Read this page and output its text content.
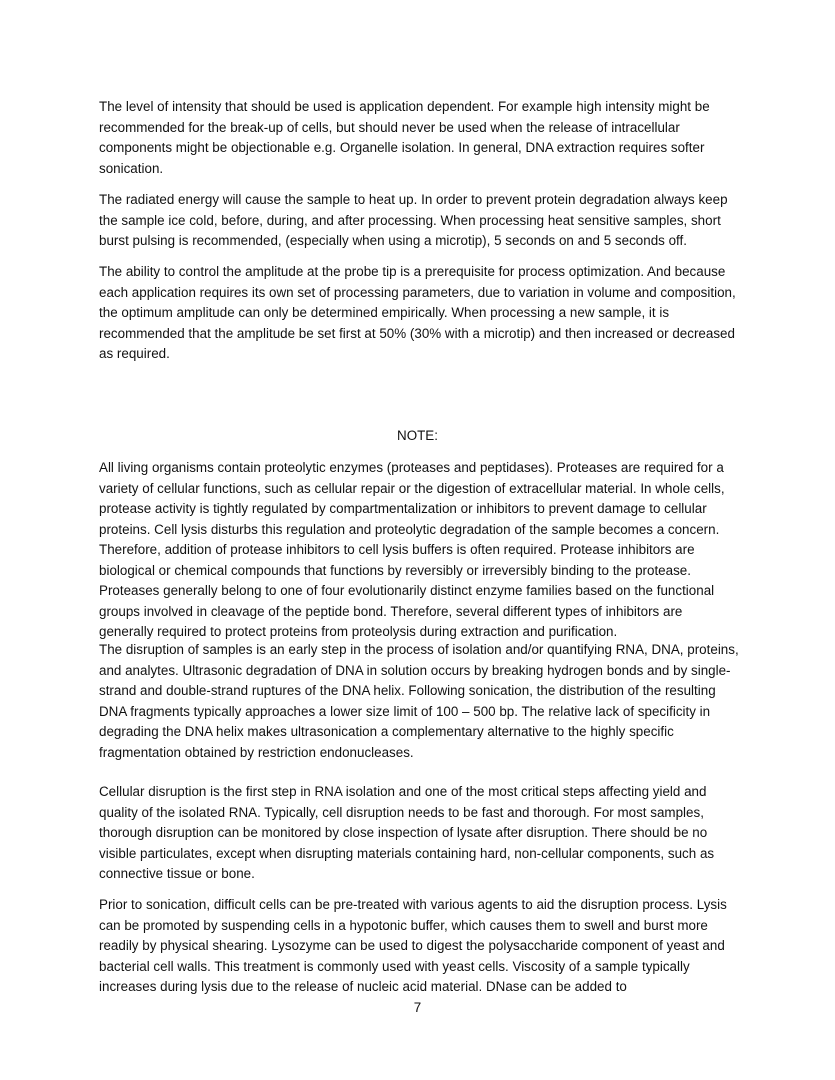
The level of intensity that should be used is application dependent. For example high intensity might be recommended for the break-up of cells, but should never be used when the release of intracellular components might be objectionable e.g. Organelle isolation. In general, DNA extraction requires softer sonication.

The radiated energy will cause the sample to heat up. In order to prevent protein degradation always keep the sample ice cold, before, during, and after processing. When processing heat sensitive samples, short burst pulsing is recommended, (especially when using a microtip), 5 seconds on and 5 seconds off.

The ability to control the amplitude at the probe tip is a prerequisite for process optimization. And because each application requires its own set of processing parameters, due to variation in volume and composition, the optimum amplitude can only be determined empirically. When processing a new sample, it is recommended that the amplitude be set first at 50% (30% with a microtip) and then increased or decreased as required.

NOTE:

All living organisms contain proteolytic enzymes (proteases and peptidases). Proteases are required for a variety of cellular functions, such as cellular repair or the digestion of extracellular material. In whole cells, protease activity is tightly regulated by compartmentalization or inhibitors to prevent damage to cellular proteins. Cell lysis disturbs this regulation and proteolytic degradation of the sample becomes a concern. Therefore, addition of protease inhibitors to cell lysis buffers is often required. Protease inhibitors are biological or chemical compounds that functions by reversibly or irreversibly binding to the protease. Proteases generally belong to one of four evolutionarily distinct enzyme families based on the functional groups involved in cleavage of the peptide bond. Therefore, several different types of inhibitors are generally required to protect proteins from proteolysis during extraction and purification.

The disruption of samples is an early step in the process of isolation and/or quantifying RNA, DNA, proteins, and analytes. Ultrasonic degradation of DNA in solution occurs by breaking hydrogen bonds and by single-strand and double-strand ruptures of the DNA helix. Following sonication, the distribution of the resulting DNA fragments typically approaches a lower size limit of 100 – 500 bp. The relative lack of specificity in degrading the DNA helix makes ultrasonication a complementary alternative to the highly specific fragmentation obtained by restriction endonucleases.

Cellular disruption is the first step in RNA isolation and one of the most critical steps affecting yield and quality of the isolated RNA. Typically, cell disruption needs to be fast and thorough. For most samples, thorough disruption can be monitored by close inspection of lysate after disruption. There should be no visible particulates, except when disrupting materials containing hard, non-cellular components, such as connective tissue or bone.

Prior to sonication, difficult cells can be pre-treated with various agents to aid the disruption process. Lysis can be promoted by suspending cells in a hypotonic buffer, which causes them to swell and burst more readily by physical shearing. Lysozyme can be used to digest the polysaccharide component of yeast and bacterial cell walls. This treatment is commonly used with yeast cells. Viscosity of a sample typically increases during lysis due to the release of nucleic acid material. DNase can be added to

7
